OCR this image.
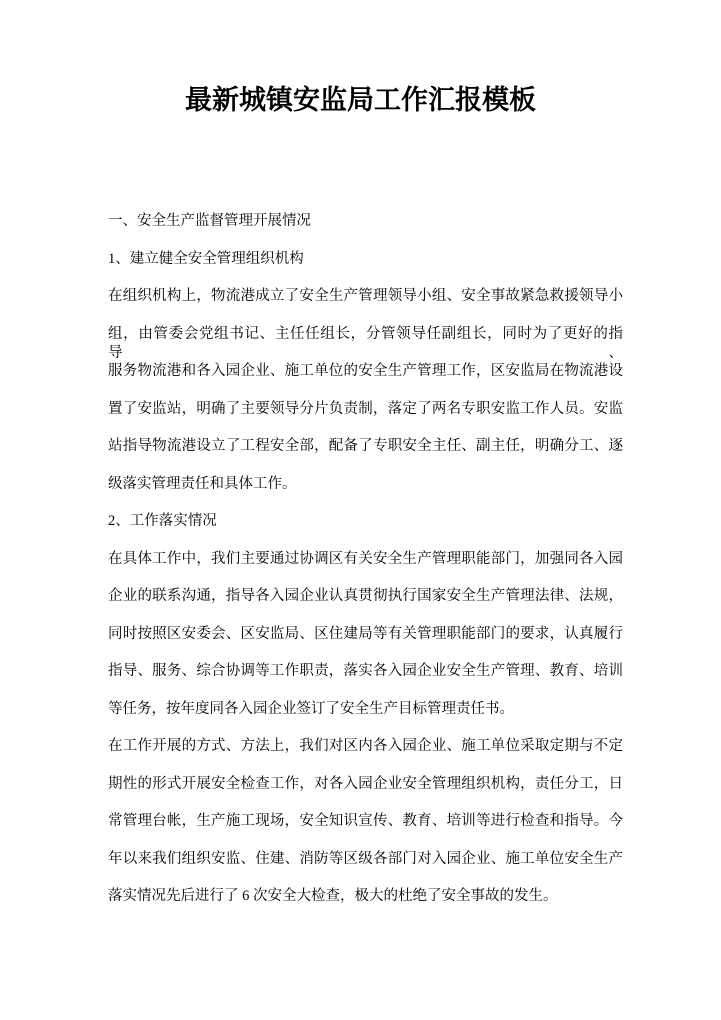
最新城镇安监局工作汇报模板
一、安全生产监督管理开展情况
1、建立健全安全管理组织机构
在组织机构上，物流港成立了安全生产管理领导小组、安全事故紧急救援领导小
组，由管委会党组书记、主任任组长，分管领导任副组长，同时为了更好的指导、
服务物流港和各入园企业、施工单位的安全生产管理工作，区安监局在物流港设
置了安监站，明确了主要领导分片负责制，落定了两名专职安监工作人员。安监
站指导物流港设立了工程安全部，配备了专职安全主任、副主任，明确分工、逐
级落实管理责任和具体工作。
2、工作落实情况
在具体工作中，我们主要通过协调区有关安全生产管理职能部门，加强同各入园
企业的联系沟通，指导各入园企业认真贯彻执行国家安全生产管理法律、法规，
同时按照区安委会、区安监局、区住建局等有关管理职能部门的要求，认真履行
指导、服务、综合协调等工作职责，落实各入园企业安全生产管理、教育、培训
等任务，按年度同各入园企业签订了安全生产目标管理责任书。
在工作开展的方式、方法上，我们对区内各入园企业、施工单位采取定期与不定
期性的形式开展安全检查工作，对各入园企业安全管理组织机构，责任分工，日
常管理台帐，生产施工现场，安全知识宣传、教育、培训等进行检查和指导。今
年以来我们组织安监、住建、消防等区级各部门对入园企业、施工单位安全生产
落实情况先后进行了 6 次安全大检查，极大的杜绝了安全事故的发生。
